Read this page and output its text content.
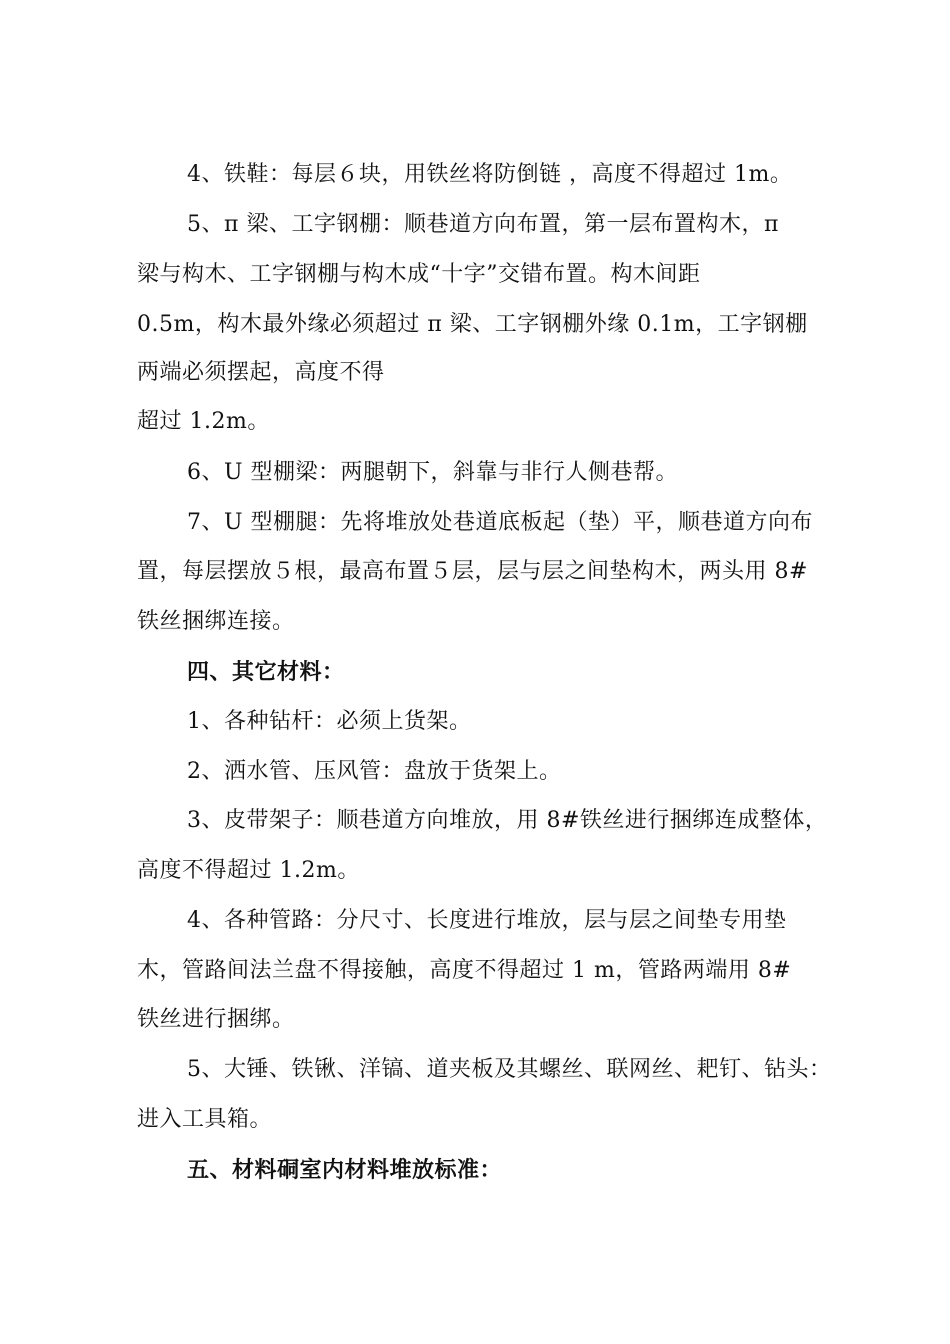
4、铁鞋：每层６块，用铁丝将防倒链 ，高度不得超过 1m。
5、π 梁、工字钢棚：顺巷道方向布置，第一层布置构木，π
梁与构木、工字钢棚与构木成“十字”交错布置。构木间距
0.5m，构木最外缘必须超过 π 梁、工字钢棚外缘 0.1m，工字钢棚
两端必须摆起，高度不得
超过 1.2m。
6、U 型棚梁：两腿朝下，斜靠与非行人侧巷帮。
7、U 型棚腿：先将堆放处巷道底板起（垫）平，顺巷道方向布
置，每层摆放５根，最高布置５层，层与层之间垫构木，两头用 8#
铁丝捆绑连接。
四、其它材料：
1、各种钻杆：必须上货架。
2、洒水管、压风管：盘放于货架上。
3、皮带架子：顺巷道方向堆放，用 8#铁丝进行捆绑连成整体，
高度不得超过 1.2m。
4、各种管路：分尺寸、长度进行堆放，层与层之间垫专用垫
木，管路间法兰盘不得接触，高度不得超过 1 m，管路两端用 8#
铁丝进行捆绑。
5、大锤、铁锹、洋镐、道夹板及其螺丝、联网丝、耙钉、钻头：
进入工具箱。
五、材料硐室内材料堆放标准：
